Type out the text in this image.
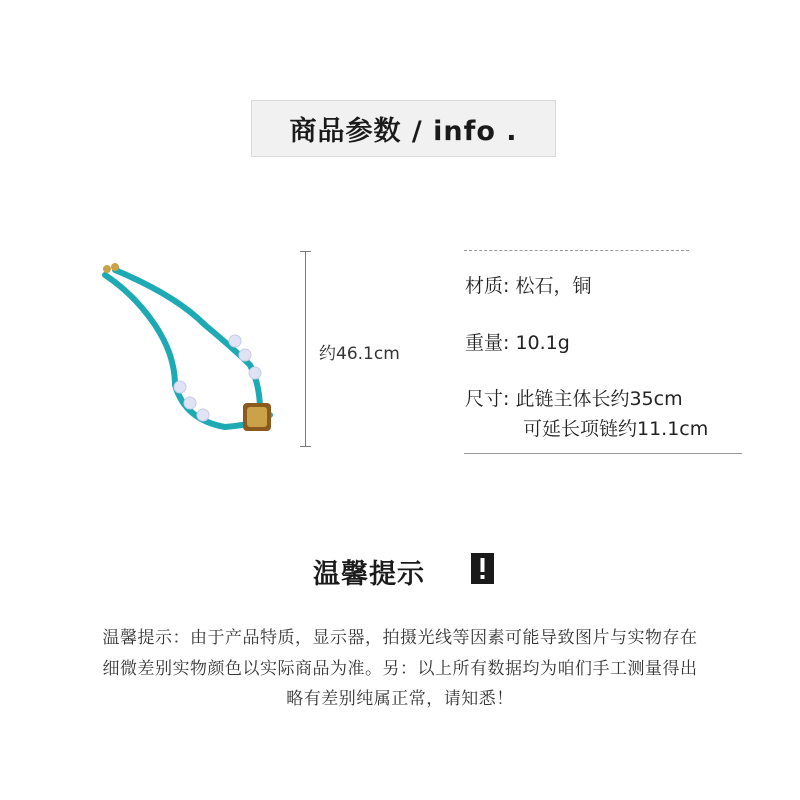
商品参数 / info .
约46.1cm
材质: 松石，铜
重量: 10.1g
尺寸: 此链主体长约35cm
可延长项链约11.1cm
温馨提示
温馨提示：由于产品特质，显示器，拍摄光线等因素可能导致图片与实物存在
细微差别实物颜色以实际商品为准。另：以上所有数据均为咱们手工测量得出
略有差别纯属正常，请知悉！
